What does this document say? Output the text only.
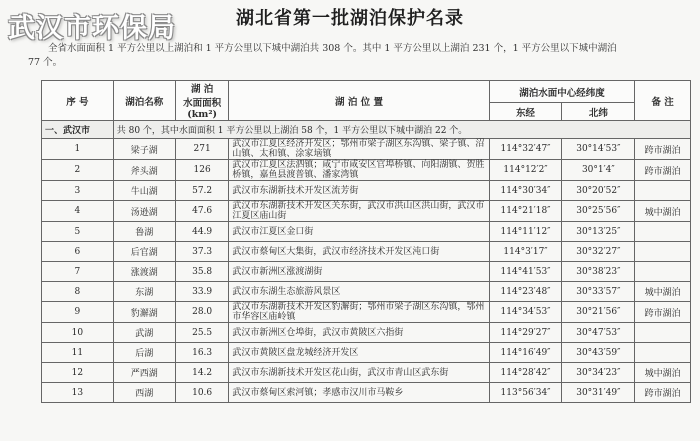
武汉市环保局	湖北省第一批湖泊保护名录
全省水面面积 1 平方公里以上湖泊和 1 平方公里以下城中湖泊共 308 个。其中 1 平方公里以上湖泊 231 个，1 平方公里以下城中湖泊
77 个。
序 号	湖泊名称	湖 泊
水面面积
(km²)	湖 泊 位 置	湖泊水面中心经纬度		备 注
				东经	北纬	
一、武汉市	共 80 个，其中水面面积 1 平方公里以上湖泊 58 个，1 平方公里以下城中湖泊 22 个。					
1	梁子湖	271	武汉市江夏区经济开发区；鄂州市梁子湖区东沟镇、梁子镇、沼山镇、太和镇、涂家垴镇	114°32′47″	30°14′53″	跨市湖泊
2	斧头湖	126	武汉市江夏区法泗镇；咸宁市咸安区官埠桥镇、向阳湖镇、贺胜桥镇，嘉鱼县渡普镇、潘家湾镇	114°12′2″	30°1′4″	跨市湖泊
3	牛山湖	57.2	武汉市东湖新技术开发区流芳街	114°30′34″	30°20′52″	
4	汤逊湖	47.6	武汉市东湖新技术开发区关东街，武汉市洪山区洪山街，武汉市江夏区庙山街	114°21′18″	30°25′56″	城中湖泊
5	鲁湖	44.9	武汉市江夏区金口街	114°11′12″	30°13′25″	
6	后官湖	37.3	武汉市蔡甸区大集街，武汉市经济技术开发区沌口街	114°3′17″	30°32′27″	
7	涨渡湖	35.8	武汉市新洲区涨渡湖街	114°41′53″	30°38′23″	
8	东湖	33.9	武汉市东湖生态旅游风景区	114°23′48″	30°33′57″	城中湖泊
9	豹澥湖	28.0	武汉市东湖新技术开发区豹澥街；鄂州市梁子湖区东沟镇，鄂州市华容区庙岭镇	114°34′53″	30°21′56″	跨市湖泊
10	武湖	25.5	武汉市新洲区仓埠街，武汉市黄陂区六指街	114°29′27″	30°47′53″	
11	后湖	16.3	武汉市黄陂区盘龙城经济开发区	114°16′49″	30°43′59″	
12	严西湖	14.2	武汉市东湖新技术开发区花山街，武汉市青山区武东街	114°28′42″	30°34′23″	城中湖泊
13	西湖	10.6	武汉市蔡甸区索河镇；孝感市汉川市马鞍乡	113°56′34″	30°31′49″	跨市湖泊
